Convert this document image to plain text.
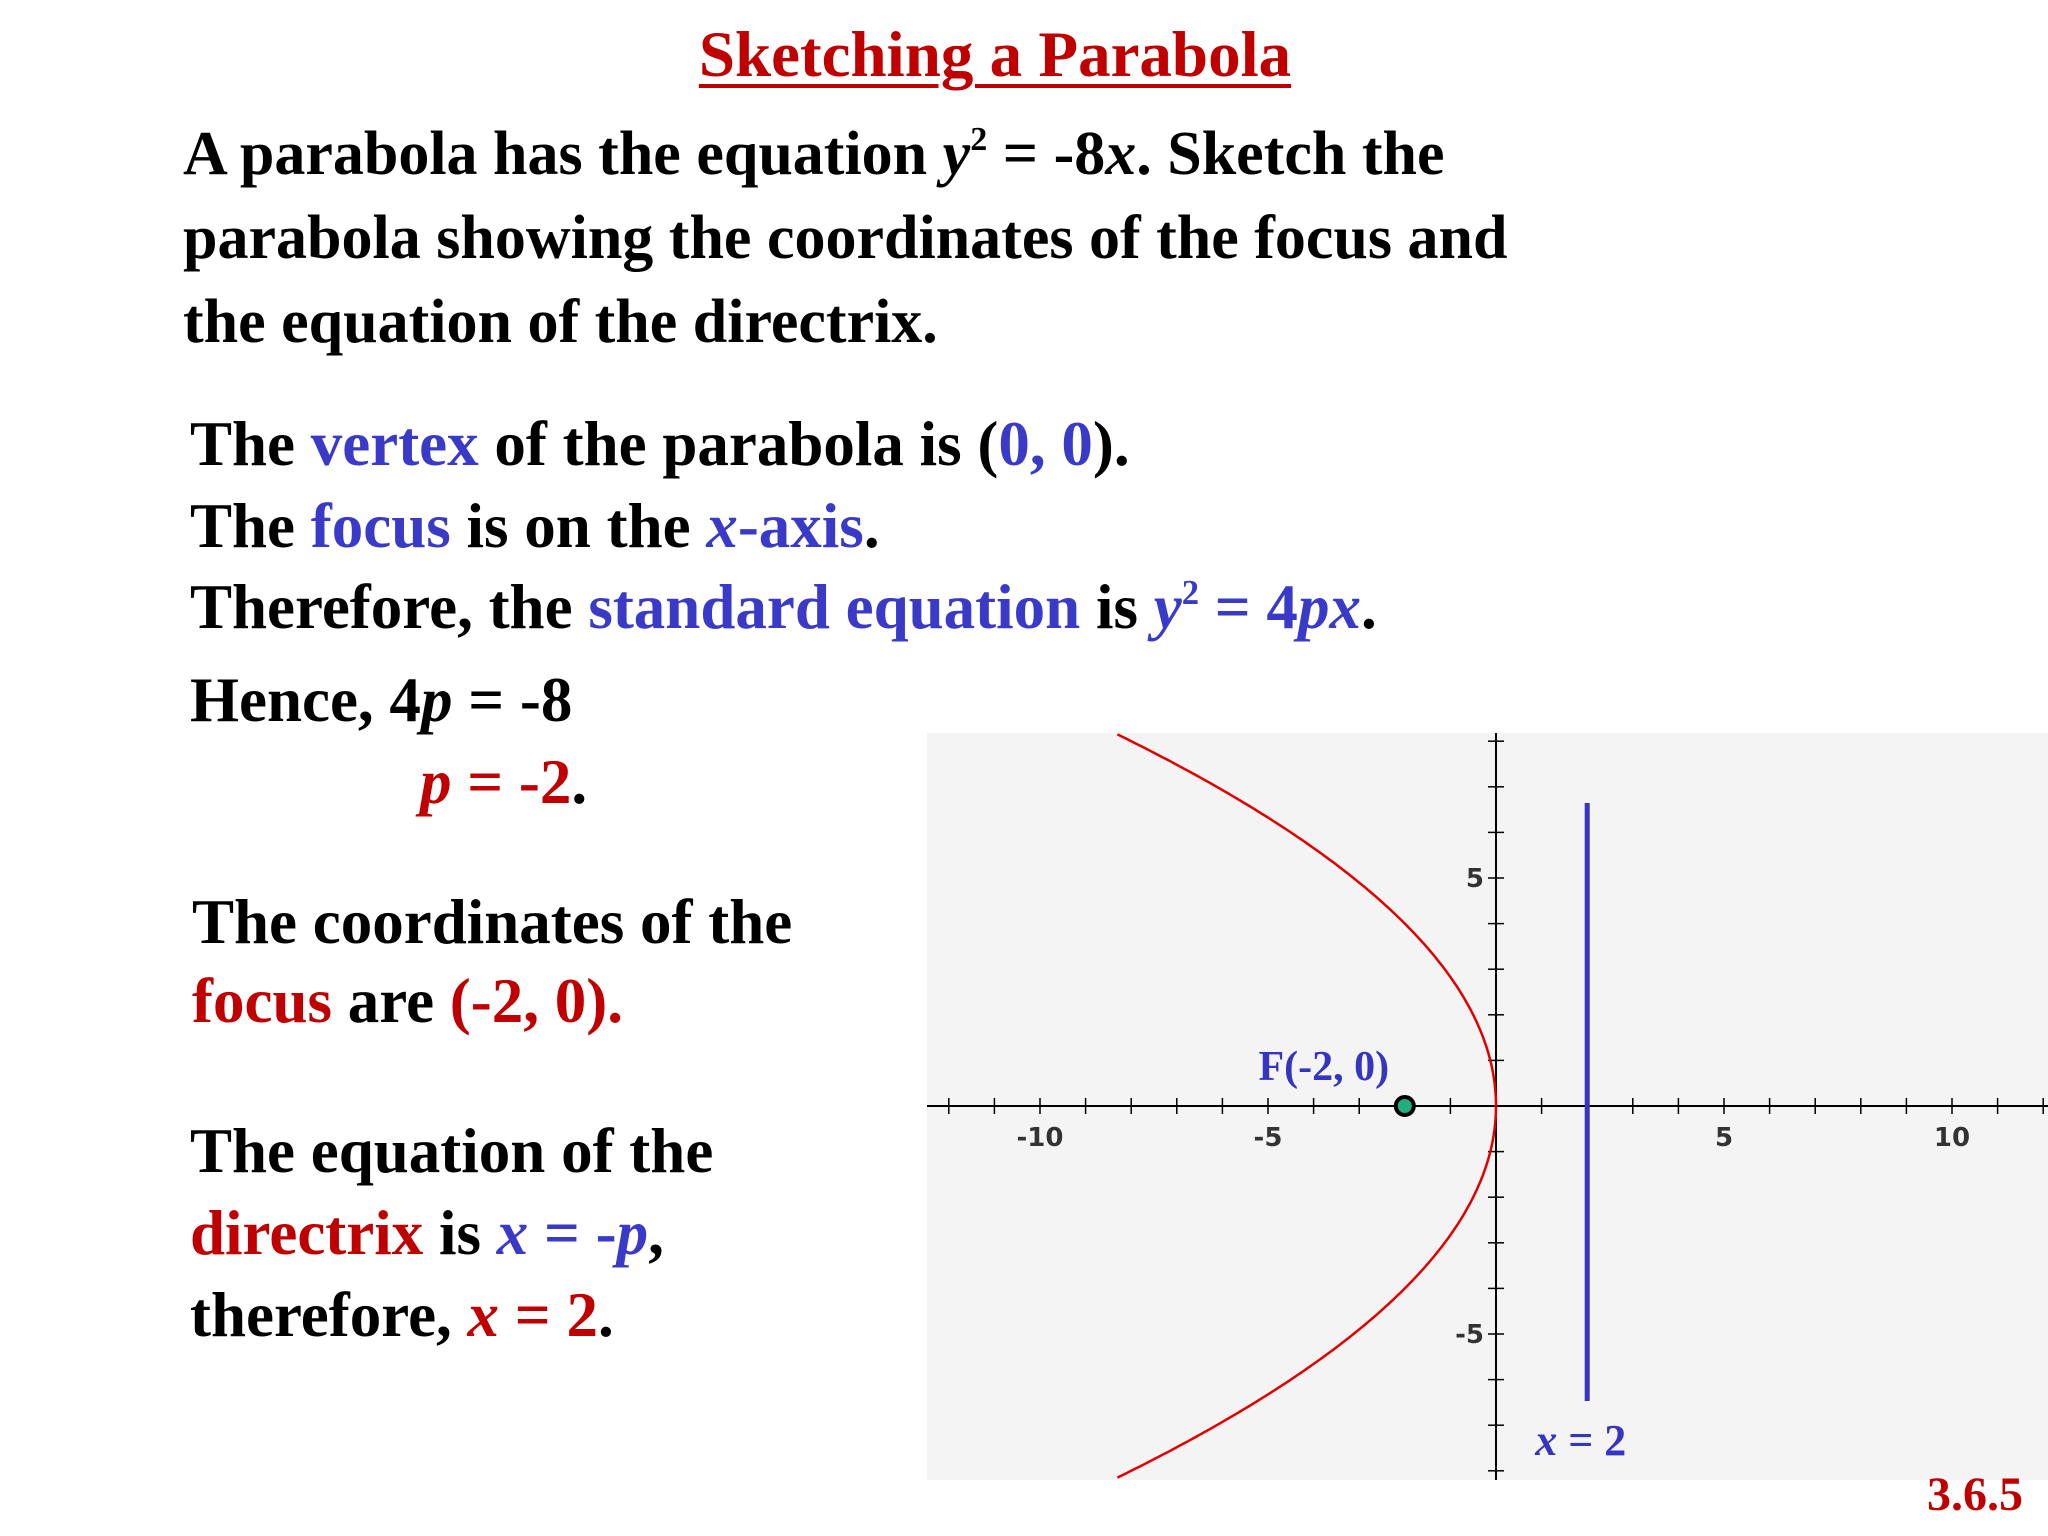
Sketching a Parabola
A parabola has the equation $y^2 = -8x$. Sketch the
parabola showing the coordinates of the focus and
the equation of the directrix.
The vertex of the parabola is (0, 0).
The focus is on the x-axis.
Therefore, the standard equation is $y^2 = 4px$.
Hence, 4p = -8
p = -2.
The coordinates of the
focus are (-2, 0).
The equation of the
directrix is x = -p,
therefore, x = 2.
-10	-5	5	10
5
-5
F(-2, 0)
x = 2
3.6.5
